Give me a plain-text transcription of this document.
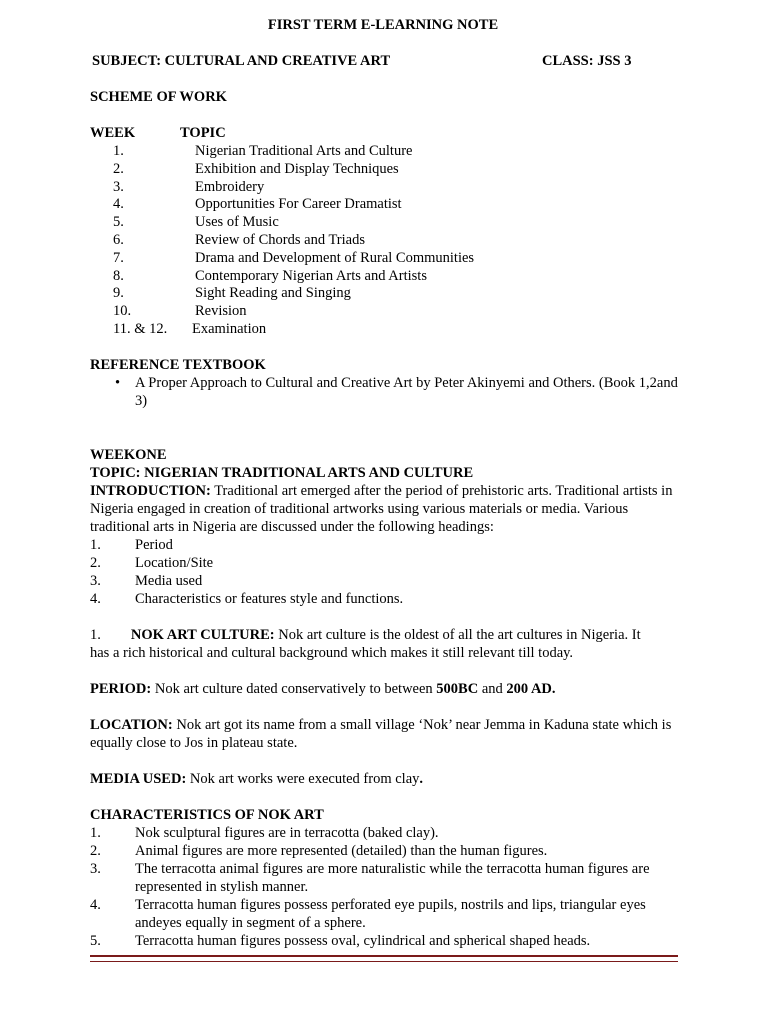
FIRST TERM E-LEARNING NOTE
SUBJECT: CULTURAL AND CREATIVE ART	CLASS: JSS 3
SCHEME OF WORK
WEEK	TOPIC
1.	Nigerian Traditional Arts and Culture
2.	Exhibition and Display Techniques
3.	Embroidery
4.	Opportunities For Career Dramatist
5.	Uses of Music
6.	Review of Chords and Triads
7.	Drama and Development of Rural Communities
8.	Contemporary Nigerian Arts and Artists
9.	Sight Reading and Singing
10.	Revision
11. & 12. Examination
REFERENCE TEXTBOOK
• A Proper Approach to Cultural and Creative Art by Peter Akinyemi and Others. (Book 1,2and 3)
WEEKONE
TOPIC: NIGERIAN TRADITIONAL ARTS AND CULTURE

INTRODUCTION: Traditional art emerged after the period of prehistoric arts. Traditional artists in Nigeria engaged in creation of traditional artworks using various materials or media. Various traditional arts in Nigeria are discussed under the following headings:

1. Period
2. Location/Site
3. Media used
4. Characteristics or features style and functions.

1. NOK ART CULTURE: Nok art culture is the oldest of all the art cultures in Nigeria. It
has a rich historical and cultural background which makes it still relevant till today.

PERIOD: Nok art culture dated conservatively to between 500BC and 200 AD.

LOCATION: Nok art got its name from a small village ‘Nok’ near Jemma in Kaduna state which is equally close to Jos in plateau state.

MEDIA USED: Nok art works were executed from clay.

CHARACTERISTICS OF NOK ART
1. Nok sculptural figures are in terracotta (baked clay).
2. Animal figures are more represented (detailed) than the human figures.
3. The terracotta animal figures are more naturalistic while the terracotta human figures are represented in stylish manner.
4. Terracotta human figures possess perforated eye pupils, nostrils and lips, triangular eyes andeyes equally in segment of a sphere.
5. Terracotta human figures possess oval, cylindrical and spherical shaped heads.
